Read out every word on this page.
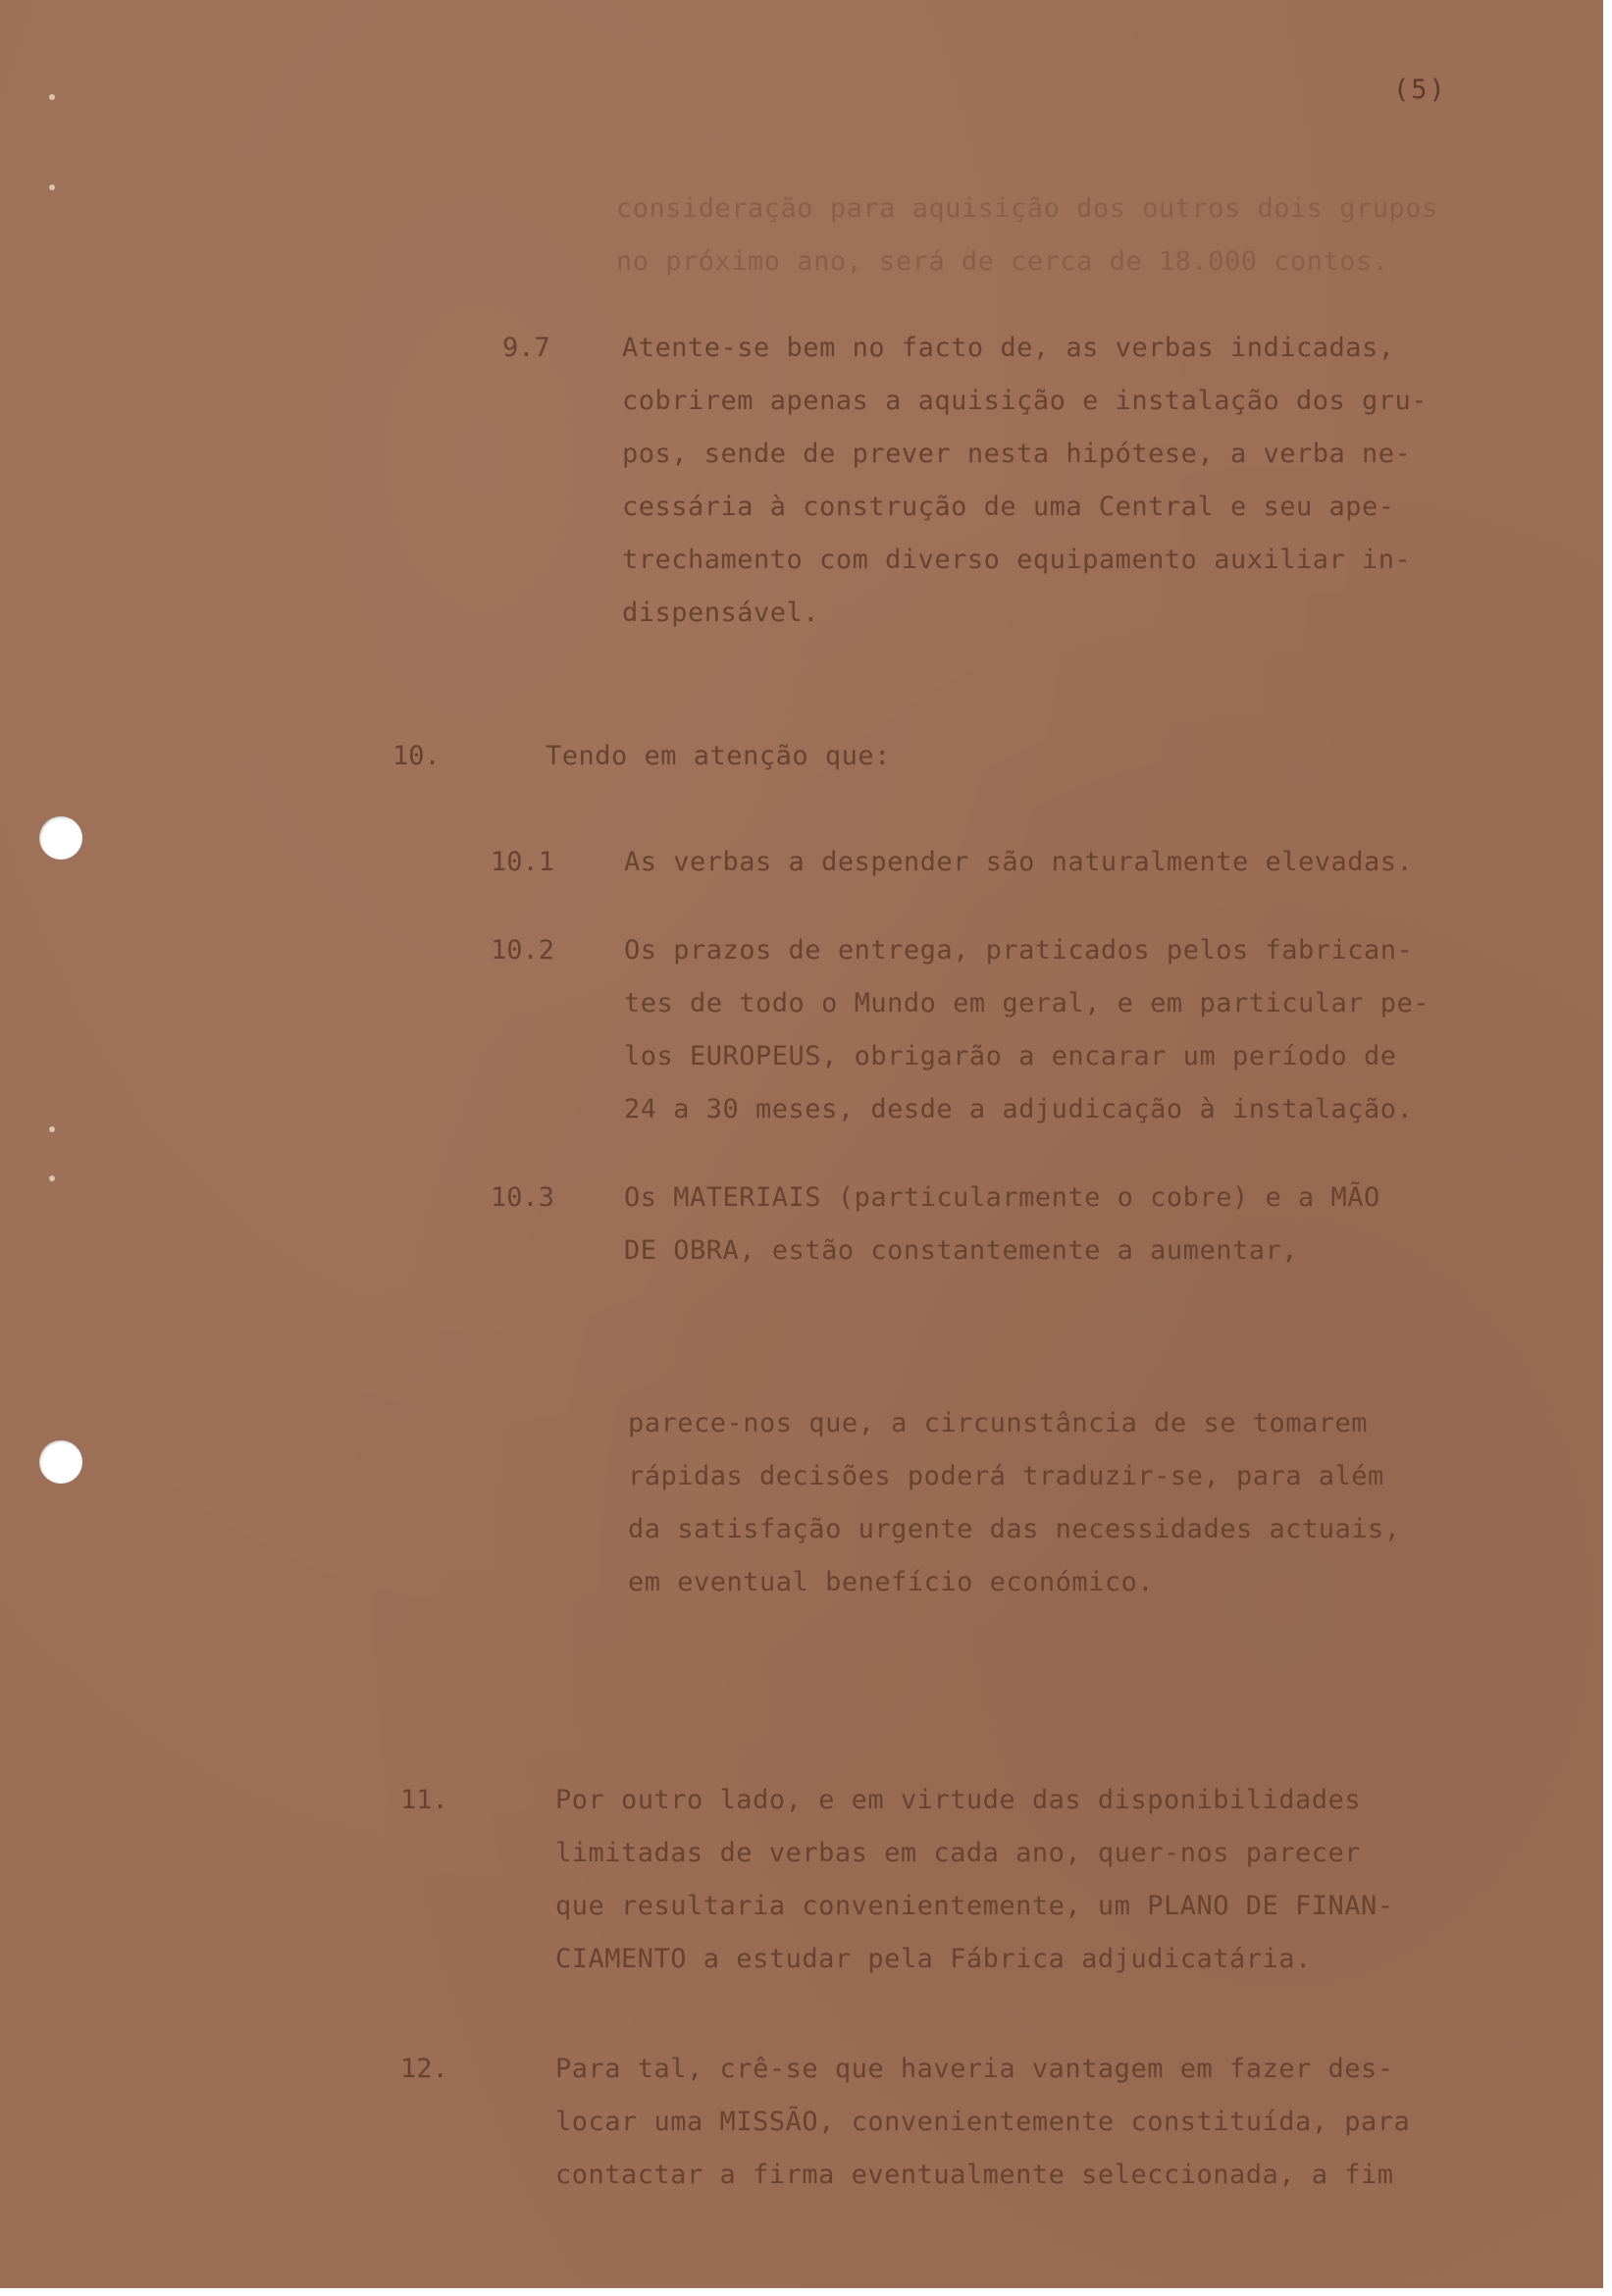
(5)

consideração para aquisição dos outros dois grupos

no próximo ano, será de cerca de 18.000 contos.

9.7	Atente-se bem no facto de, as verbas indicadas,

cobrirem apenas a aquisição e instalação dos gru-

pos, sende de prever nesta hipótese, a verba ne-

cessária à construção de uma Central e seu ape-

trechamento com diverso equipamento auxiliar in-

dispensável.

10.	Tendo em atenção que:

10.1	As verbas a despender são naturalmente elevadas.

10.2	Os prazos de entrega, praticados pelos fabrican-

tes de todo o Mundo em geral, e em particular pe-

los EUROPEUS, obrigarão a encarar um período de

24 a 30 meses, desde a adjudicação à instalação.

10.3	Os MATERIAIS (particularmente o cobre) e a MÃO

DE OBRA, estão constantemente a aumentar,

parece-nos que, a circunstância de se tomarem

rápidas decisões poderá traduzir-se, para além

da satisfação urgente das necessidades actuais,

em eventual benefício económico.

11.	Por outro lado, e em virtude das disponibilidades

limitadas de verbas em cada ano, quer-nos parecer

que resultaria convenientemente, um PLANO DE FINAN-

CIAMENTO a estudar pela Fábrica adjudicatária.

12.	Para tal, crê-se que haveria vantagem em fazer des-

locar uma MISSÃO, convenientemente constituída, para

contactar a firma eventualmente seleccionada, a fim
